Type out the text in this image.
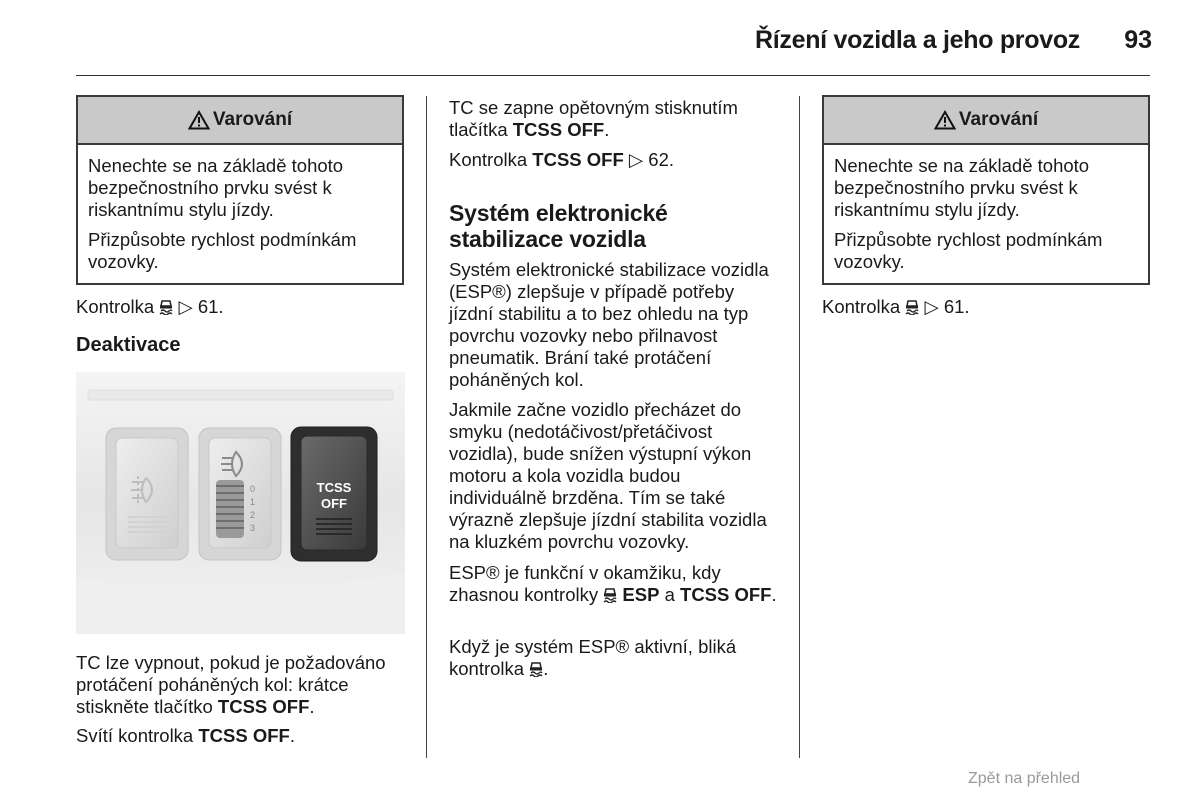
Řízení vozidla a jeho provoz	93
Varování

Nenechte se na základě tohoto bezpečnostního prvku svést k riskantnímu stylu jízdy.

Přizpůsobte rychlost podmínkám vozovky.

Kontrolka ▷ 61.

Deaktivace
0
1
2
3
TCSS
OFF

TC lze vypnout, pokud je požadováno protáčení poháněných kol: krátce stiskněte tlačítko TCSS OFF.

Svítí kontrolka TCSS OFF.

TC se zapne opětovným stisknutím tlačítka TCSS OFF.

Kontrolka TCSS OFF ▷ 62.

Systém elektronické
stabilizace vozidla

Systém elektronické stabilizace vozidla (ESP®) zlepšuje v případě potřeby jízdní stabilitu a to bez ohledu na typ povrchu vozovky nebo přilnavost pneumatik. Brání také protáčení poháněných kol.

Jakmile začne vozidlo přecházet do smyku (nedotáčivost/přetáčivost vozidla), bude snížen výstupní výkon motoru a kola vozidla budou individuálně brzděna. Tím se také výrazně zlepšuje jízdní stabilita vozidla na kluzkém povrchu vozovky.

ESP® je funkční v okamžiku, kdy zhasnou kontrolky ESP a TCSS OFF.

Když je systém ESP® aktivní, bliká kontrolka .

Varování

Nenechte se na základě tohoto bezpečnostního prvku svést k riskantnímu stylu jízdy.

Přizpůsobte rychlost podmínkám vozovky.

Kontrolka ▷ 61.

Zpět na přehled
